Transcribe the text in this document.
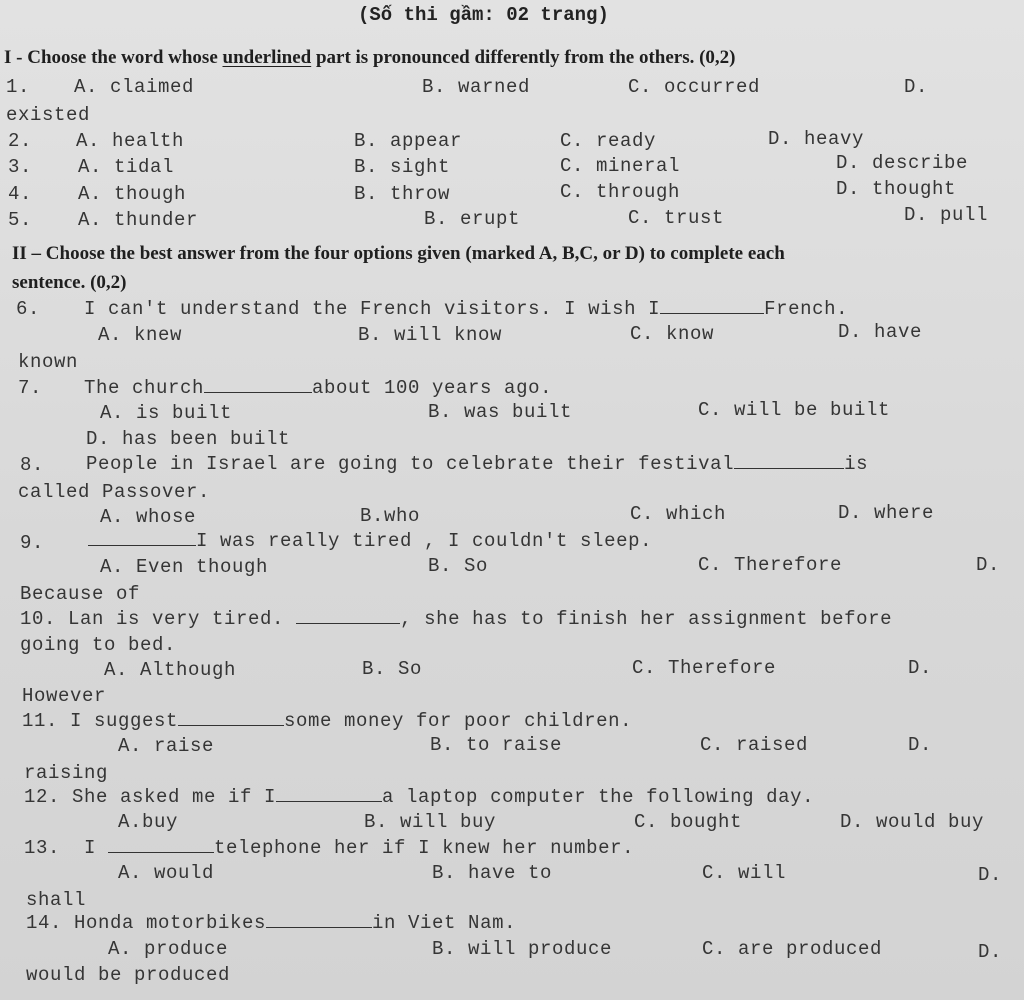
(Số thi gầm: 02 trang)
I - Choose the word whose underlined part is pronounced differently from the others. (0,2)
1. A. claimed	B. warned	C. occurred	D.
existed
2. A. health	B. appear	C. ready	D. heavy
3. A. tidal	B. sight	C. mineral	D. describe
4. A. though	B. throw	C. through	D. thought
5. A. thunder	B. erupt	C. trust	D. pull
II – Choose the best answer from the four options given (marked A, B,C, or D) to complete each
sentence. (0,2)
6. I can't understand the French visitors. I wish I	French.
A. knew	B. will know	C. know	D. have
known
7. The church	about 100 years ago.
A. is built	B. was built	C. will be built
D. has been built
8. People in Israel are going to celebrate their festival	is
called Passover.
A. whose	B.who	C. which	D. where
9.	I was really tired , I couldn't sleep.
A. Even though	B. So	C. Therefore	D.
Because of
10. Lan is very tired.	, she has to finish her assignment before
going to bed.
A. Although	B. So	C. Therefore	D.
However
11. I suggest	some money for poor children.
A. raise	B. to raise	C. raised	D.
raising
12. She asked me if I	a laptop computer the following day.
A.buy	B. will buy	C. bought	D. would buy
13.  I	telephone her if I knew her number.
A. would	B. have to	C. will	D.
shall
14. Honda motorbikes	in Viet Nam.
A. produce	B. will produce	C. are produced	D.
would be produced
